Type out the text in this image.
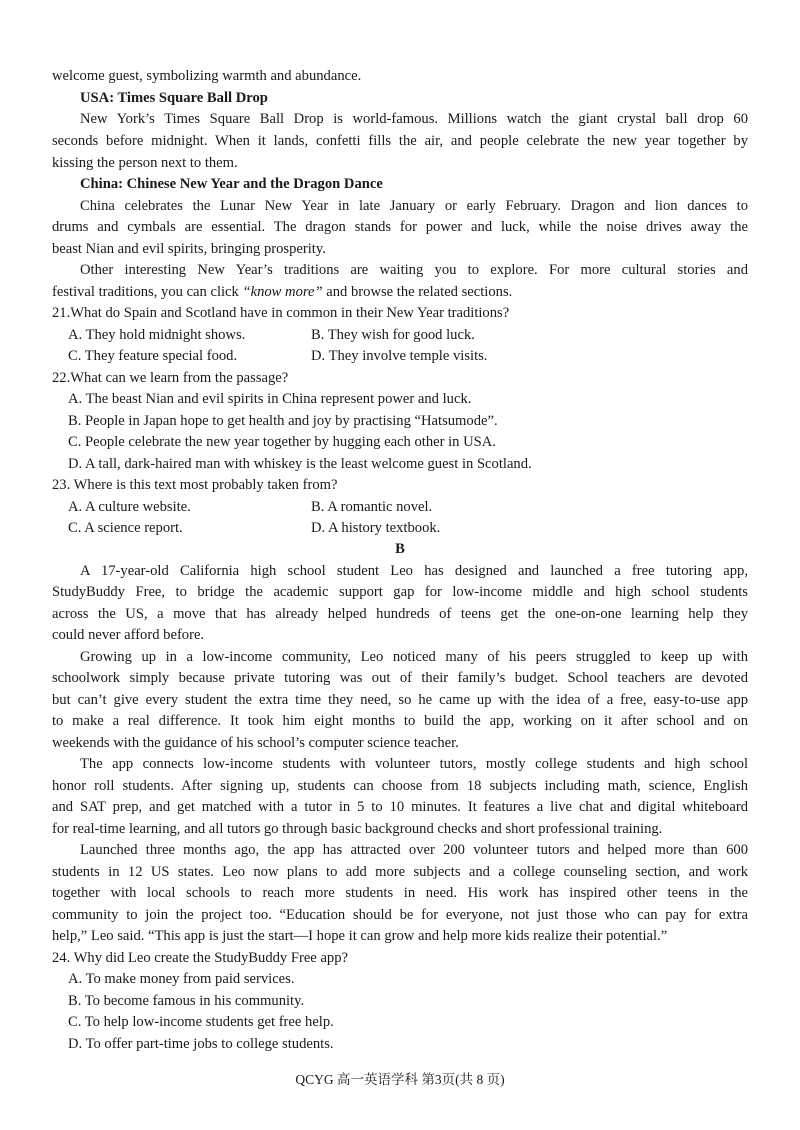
welcome guest, symbolizing warmth and abundance.
USA: Times Square Ball Drop
New York’s Times Square Ball Drop is world-famous. Millions watch the giant crystal ball drop 60
seconds before midnight. When it lands, confetti fills the air, and people celebrate the new year together by
kissing the person next to them.
China: Chinese New Year and the Dragon Dance
China celebrates the Lunar New Year in late January or early February. Dragon and lion dances to
drums and cymbals are essential. The dragon stands for power and luck, while the noise drives away the
beast Nian and evil spirits, bringing prosperity.
Other interesting New Year’s traditions are waiting you to explore. For more cultural stories and
festival traditions, you can click “know more” and browse the related sections.
21.What do Spain and Scotland have in common in their New Year traditions?
A. They hold midnight shows.	B. They wish for good luck.
C. They feature special food.	D. They involve temple visits.
22.What can we learn from the passage?
A. The beast Nian and evil spirits in China represent power and luck.
B. People in Japan hope to get health and joy by practising “Hatsumode”.
C. People celebrate the new year together by hugging each other in USA.
D. A tall, dark-haired man with whiskey is the least welcome guest in Scotland.
23. Where is this text most probably taken from?
A. A culture website.	B. A romantic novel.
C. A science report.	D. A history textbook.
B
A 17-year-old California high school student Leo has designed and launched a free tutoring app,
StudyBuddy Free, to bridge the academic support gap for low-income middle and high school students
across the US, a move that has already helped hundreds of teens get the one-on-one learning help they
could never afford before.
Growing up in a low-income community, Leo noticed many of his peers struggled to keep up with
schoolwork simply because private tutoring was out of their family’s budget. School teachers are devoted
but can’t give every student the extra time they need, so he came up with the idea of a free, easy-to-use app
to make a real difference. It took him eight months to build the app, working on it after school and on
weekends with the guidance of his school’s computer science teacher.
The app connects low-income students with volunteer tutors, mostly college students and high school
honor roll students. After signing up, students can choose from 18 subjects including math, science, English
and SAT prep, and get matched with a tutor in 5 to 10 minutes. It features a live chat and digital whiteboard
for real-time learning, and all tutors go through basic background checks and short professional training.
Launched three months ago, the app has attracted over 200 volunteer tutors and helped more than 600
students in 12 US states. Leo now plans to add more subjects and a college counseling section, and work
together with local schools to reach more students in need. His work has inspired other teens in the
community to join the project too. “Education should be for everyone, not just those who can pay for extra
help,” Leo said. “This app is just the start—I hope it can grow and help more kids realize their potential.”
24. Why did Leo create the StudyBuddy Free app?
A. To make money from paid services.
B. To become famous in his community.
C. To help low-income students get free help.
D. To offer part-time jobs to college students.
QCYG 高一英语学科 第3页(共 8 页)
